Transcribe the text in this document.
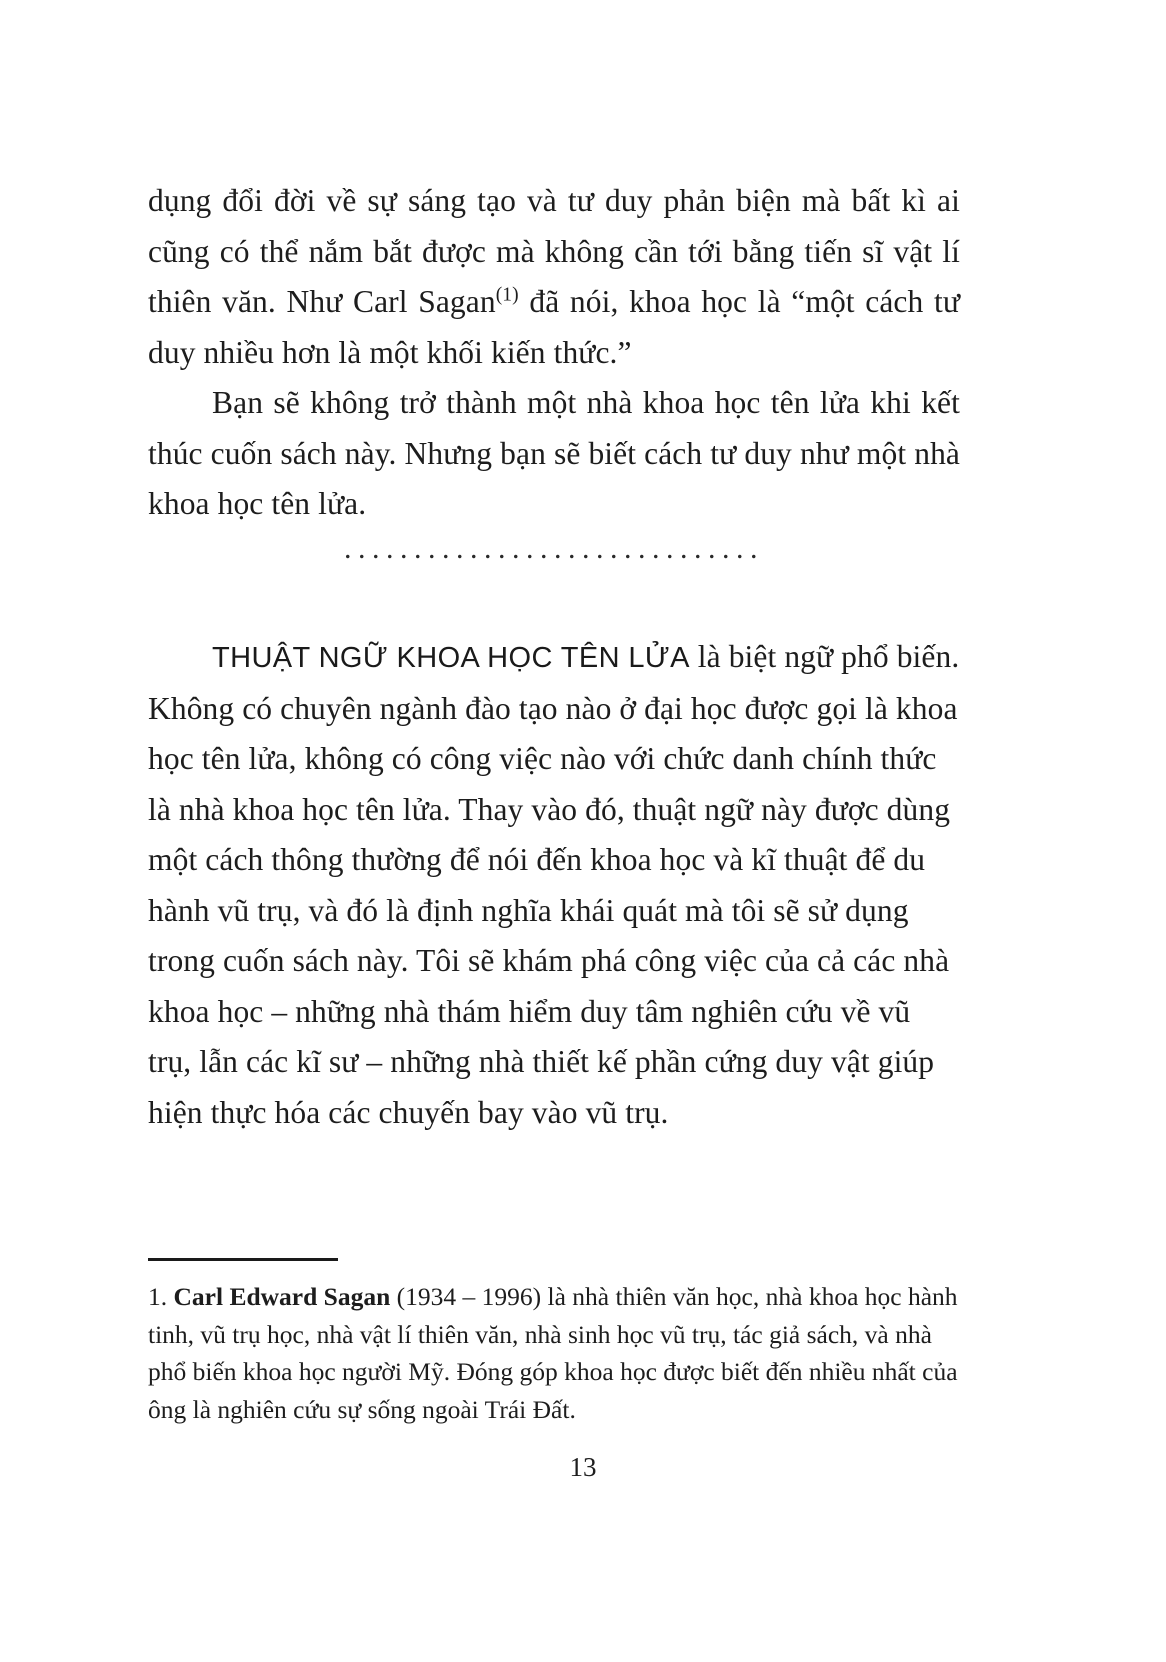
dụng đổi đời về sự sáng tạo và tư duy phản biện mà bất kì ai cũng có thể nắm bắt được mà không cần tới bằng tiến sĩ vật lí thiên văn. Như Carl Sagan$^{(1)}$ đã nói, khoa học là “một cách tư duy nhiều hơn là một khối kiến thức.”

Bạn sẽ không trở thành một nhà khoa học tên lửa khi kết thúc cuốn sách này. Nhưng bạn sẽ biết cách tư duy như một nhà khoa học tên lửa.

..............................

THUẬT NGỮ KHOA HỌC TÊN LỬA là biệt ngữ phổ biến. Không có chuyên ngành đào tạo nào ở đại học được gọi là khoa học tên lửa, không có công việc nào với chức danh chính thức là nhà khoa học tên lửa. Thay vào đó, thuật ngữ này được dùng một cách thông thường để nói đến khoa học và kĩ thuật để du hành vũ trụ, và đó là định nghĩa khái quát mà tôi sẽ sử dụng trong cuốn sách này. Tôi sẽ khám phá công việc của cả các nhà khoa học – những nhà thám hiểm duy tâm nghiên cứu về vũ trụ, lẫn các kĩ sư – những nhà thiết kế phần cứng duy vật giúp hiện thực hóa các chuyến bay vào vũ trụ.

1. Carl Edward Sagan (1934 – 1996) là nhà thiên văn học, nhà khoa học hành tinh, vũ trụ học, nhà vật lí thiên văn, nhà sinh học vũ trụ, tác giả sách, và nhà phổ biến khoa học người Mỹ. Đóng góp khoa học được biết đến nhiều nhất của ông là nghiên cứu sự sống ngoài Trái Đất.

13
